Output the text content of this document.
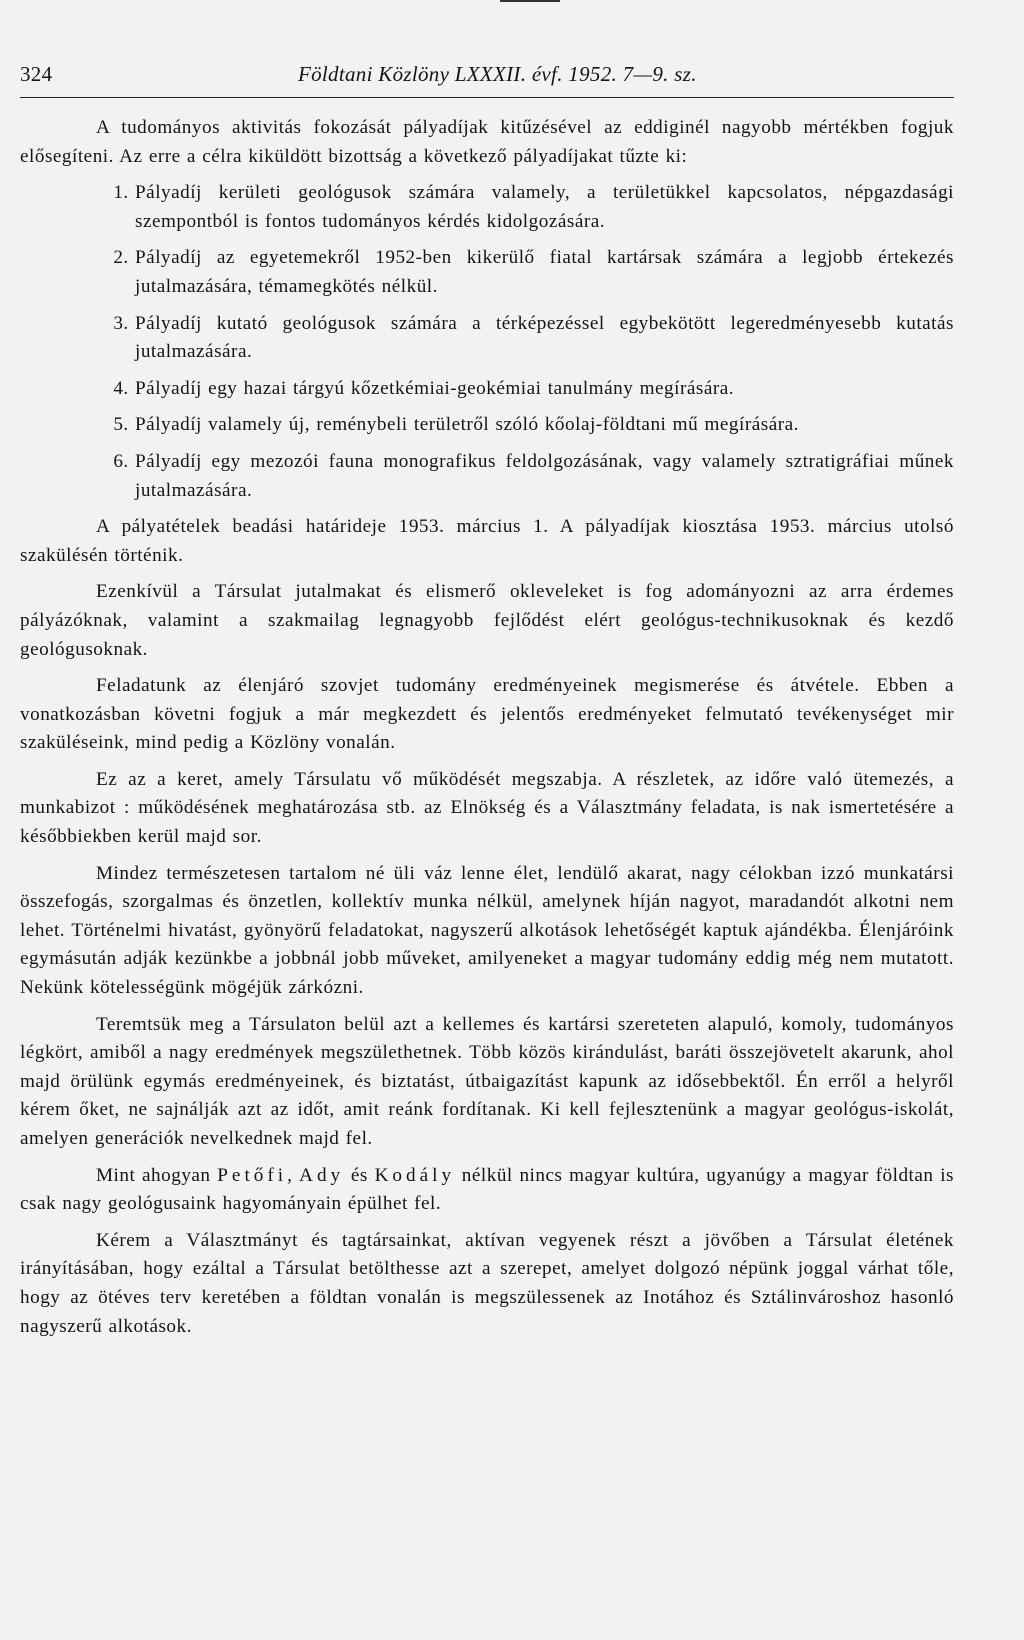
324	Földtani Közlöny LXXXII. évf. 1952. 7—9. sz.

A tudományos aktivitás fokozását pályadíjak kitűzésével az eddiginél nagyobb mértékben fogjuk elősegíteni. Az erre a célra kiküldött bizottság a következő pályadíjakat tűzte ki:

1. Pályadíj kerületi geológusok számára valamely, a területükkel kapcsolatos, népgazdasági szempontból is fontos tudományos kérdés kidolgozására.
2. Pályadíj az egyetemekről 1952-ben kikerülő fiatal kartársak számára a legjobb értekezés jutalmazására, témamegkötés nélkül.
3. Pályadíj kutató geológusok számára a térképezéssel egybekötött legeredményesebb kutatás jutalmazására.
4. Pályadíj egy hazai tárgyú kőzetkémiai-geokémiai tanulmány megírására.
5. Pályadíj valamely új, reménybeli területről szóló kőolaj-földtani mű megírására.
6. Pályadíj egy mezozói fauna monografikus feldolgozásának, vagy valamely sztratigráfiai műnek jutalmazására.

A pályatételek beadási határideje 1953. március 1. A pályadíjak kiosztása 1953. március utolsó szakülésén történik.

Ezenkívül a Társulat jutalmakat és elismerő okleveleket is fog adományozni az arra érdemes pályázóknak, valamint a szakmailag legnagyobb fejlődést elért geológus-technikusoknak és kezdő geológusoknak.

Feladatunk az élenjáró szovjet tudomány eredményeinek megismerése és átvétele. Ebben a vonatkozásban követni fogjuk a már megkezdett és jelentős eredményeket felmutató tevékenységet mir szaküléseink, mind pedig a Közlöny vonalán.

Ez az a keret, amely Társulatu vő működését megszabja. A részletek, az időre való ütemezés, a munkabizot : működésének meghatározása stb. az Elnökség és a Választmány feladata, is nak ismertetésére a későbbiekben kerül majd sor.

Mindez természetesen tartalom né üli váz lenne élet, lendülő akarat, nagy célokban izzó munkatársi összefogás, szorgalmas és önzetlen, kollektív munka nélkül, amelynek híján nagyot, maradandót alkotni nem lehet. Történelmi hivatást, gyönyörű feladatokat, nagyszerű alkotások lehetőségét kaptuk ajándékba. Élenjáróink egymásután adják kezünkbe a jobbnál jobb műveket, amilyeneket a magyar tudomány eddig még nem mutatott. Nekünk kötelességünk mögéjük zárkózni.

Teremtsük meg a Társulaton belül azt a kellemes és kartársi szereteten alapuló, komoly, tudományos légkört, amiből a nagy eredmények megszülethetnek. Több közös kirándulást, baráti összejövetelt akarunk, ahol majd örülünk egymás eredményeinek, és biztatást, útbaigazítást kapunk az idősebbektől. Én erről a helyről kérem őket, ne sajnálják azt az időt, amit reánk fordítanak. Ki kell fejlesztenünk a magyar geológus-iskolát, amelyen generációk nevelkednek majd fel.

Mint ahogyan Petőfi, Ady és Kodály nélkül nincs magyar kultúra, ugyanúgy a magyar földtan is csak nagy geológusaink hagyományain épülhet fel.

Kérem a Választmányt és tagtársainkat, aktívan vegyenek részt a jövőben a Társulat életének irányításában, hogy ezáltal a Társulat betölthesse azt a szerepet, amelyet dolgozó népünk joggal várhat tőle, hogy az ötéves terv keretében a földtan vonalán is megszülessenek az Inotához és Sztálinvároshoz hasonló nagyszerű alkotások.
